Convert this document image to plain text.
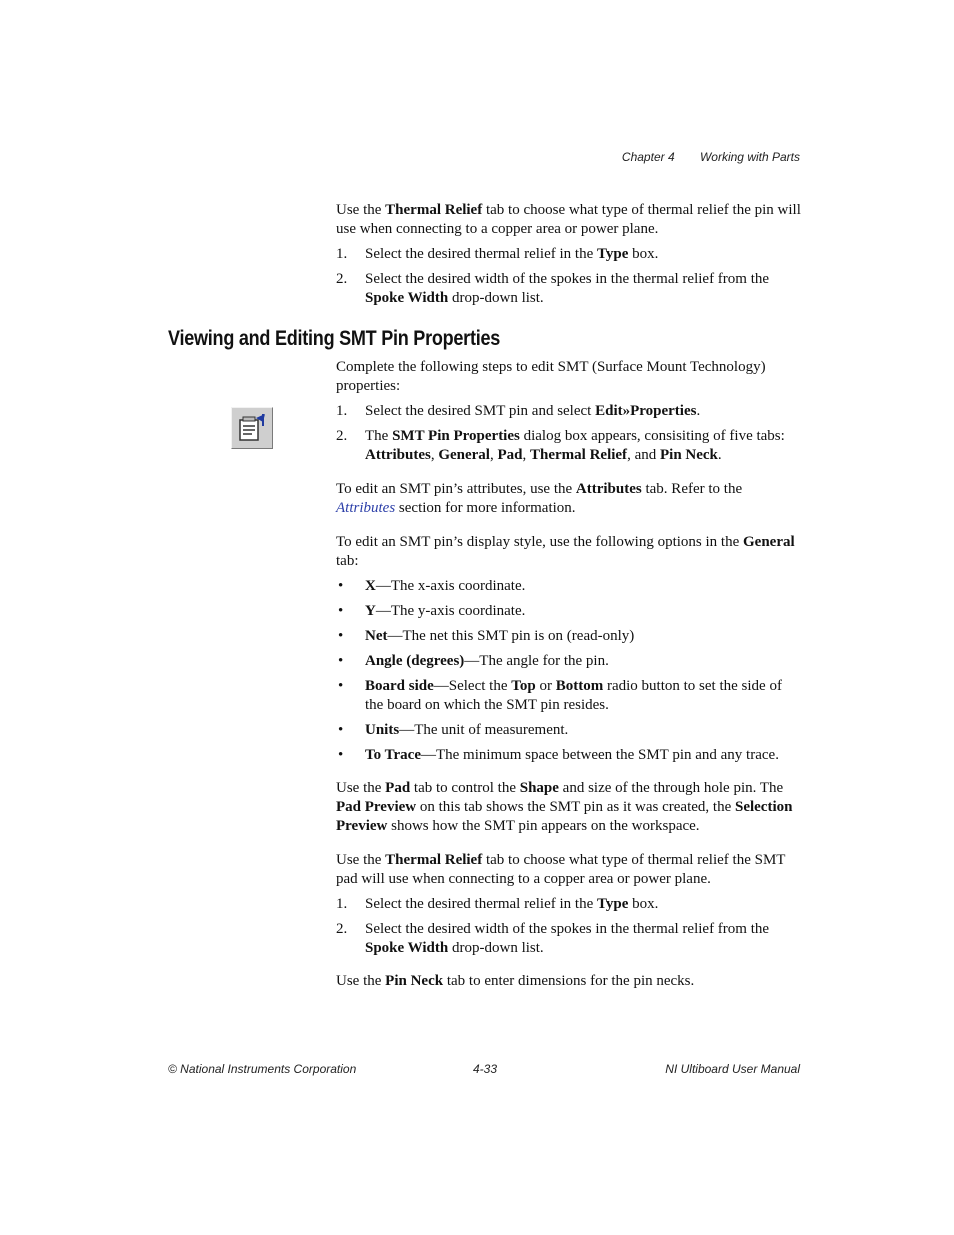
Chapter 4 Working with Parts

Use the Thermal Relief tab to choose what type of thermal relief the pin will use when connecting to a copper area or power plane.

1. Select the desired thermal relief in the Type box.
2. Select the desired width of the spokes in the thermal relief from the Spoke Width drop-down list.
Viewing and Editing SMT Pin Properties

Complete the following steps to edit SMT (Surface Mount Technology) properties:

1. Select the desired SMT pin and select Edit»Properties.
2. The SMT Pin Properties dialog box appears, consisiting of five tabs: Attributes, General, Pad, Thermal Relief, and Pin Neck.

To edit an SMT pin’s attributes, use the Attributes tab. Refer to the Attributes section for more information.

To edit an SMT pin’s display style, use the following options in the General tab:

• X—The x-axis coordinate.
• Y—The y-axis coordinate.
• Net—The net this SMT pin is on (read-only)
• Angle (degrees)—The angle for the pin.
• Board side—Select the Top or Bottom radio button to set the side of the board on which the SMT pin resides.
• Units—The unit of measurement.
• To Trace—The minimum space between the SMT pin and any trace.

Use the Pad tab to control the Shape and size of the through hole pin. The Pad Preview on this tab shows the SMT pin as it was created, the Selection Preview shows how the SMT pin appears on the workspace.

Use the Thermal Relief tab to choose what type of thermal relief the SMT pad will use when connecting to a copper area or power plane.

1. Select the desired thermal relief in the Type box.
2. Select the desired width of the spokes in the thermal relief from the Spoke Width drop-down list.

Use the Pin Neck tab to enter dimensions for the pin necks.

© National Instruments Corporation	4-33	NI Ultiboard User Manual
